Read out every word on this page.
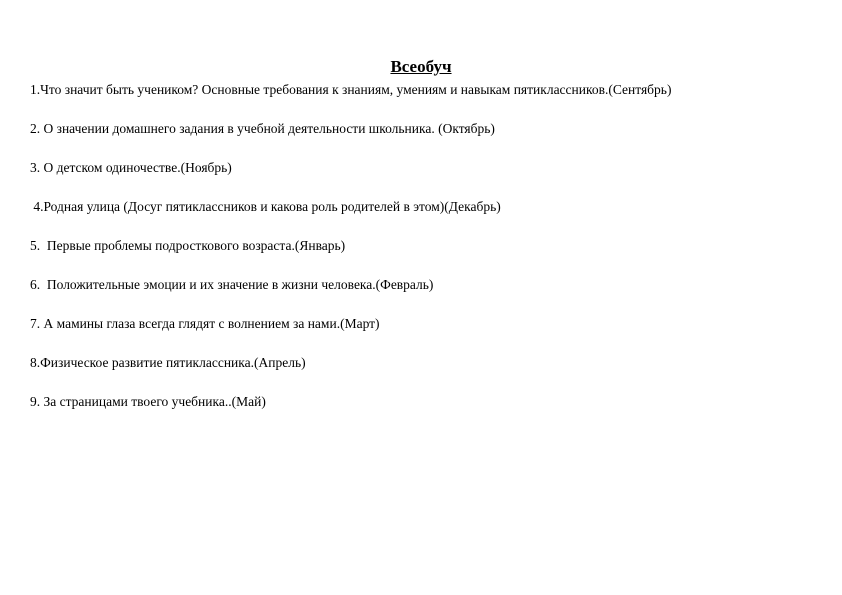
Всеобуч
1.Что значит быть учеником? Основные требования к знаниям, умениям и навыкам пятиклассников.(Сентябрь)
2. О значении домашнего задания в учебной деятельности школьника. (Октябрь)
3. О детском одиночестве.(Ноябрь)
4.Родная улица (Досуг пятиклассников и какова роль родителей в этом)(Декабрь)
5.  Первые проблемы подросткового возраста.(Январь)
6.  Положительные эмоции и их значение в жизни человека.(Февраль)
7. А мамины глаза всегда глядят с волнением за нами.(Март)
8.Физическое развитие пятиклассника.(Апрель)
9. За страницами твоего учебника..(Май)
